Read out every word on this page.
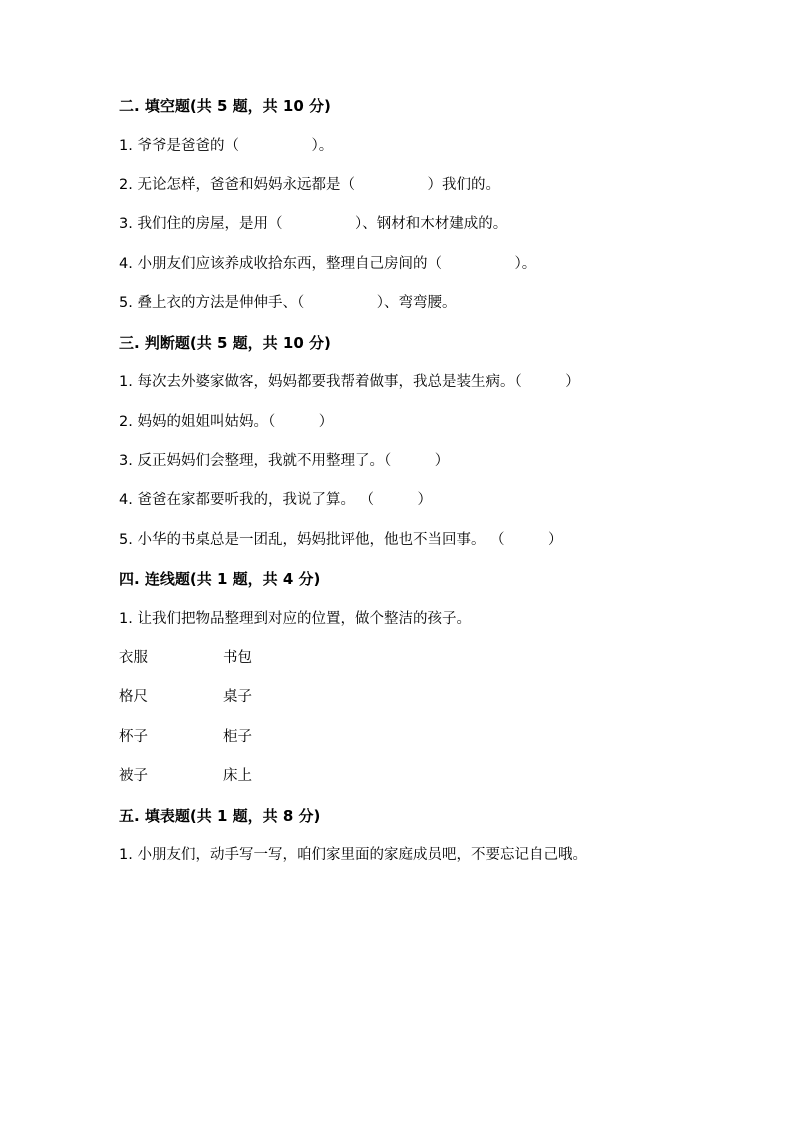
二. 填空题(共 5 题，共 10 分)
1. 爷爷是爸爸的（　　　　　）。
2. 无论怎样，爸爸和妈妈永远都是（　　　　　）我们的。
3. 我们住的房屋，是用（　　　　　）、钢材和木材建成的。
4. 小朋友们应该养成收拾东西，整理自己房间的（　　　　　）。
5. 叠上衣的方法是伸伸手、（　　　　　）、弯弯腰。
三. 判断题(共 5 题，共 10 分)
1. 每次去外婆家做客，妈妈都要我帮着做事，我总是装生病。（　　　）
2. 妈妈的姐姐叫姑妈。（　　　）
3. 反正妈妈们会整理，我就不用整理了。（　　　）
4. 爸爸在家都要听我的，我说了算。 （　　　）
5. 小华的书桌总是一团乱，妈妈批评他，他也不当回事。 （　　　）
四. 连线题(共 1 题，共 4 分)
1. 让我们把物品整理到对应的位置，做个整洁的孩子。
衣服	书包
格尺	桌子
杯子	柜子
被子	床上
五. 填表题(共 1 题，共 8 分)
1. 小朋友们，动手写一写，咱们家里面的家庭成员吧，不要忘记自己哦。
